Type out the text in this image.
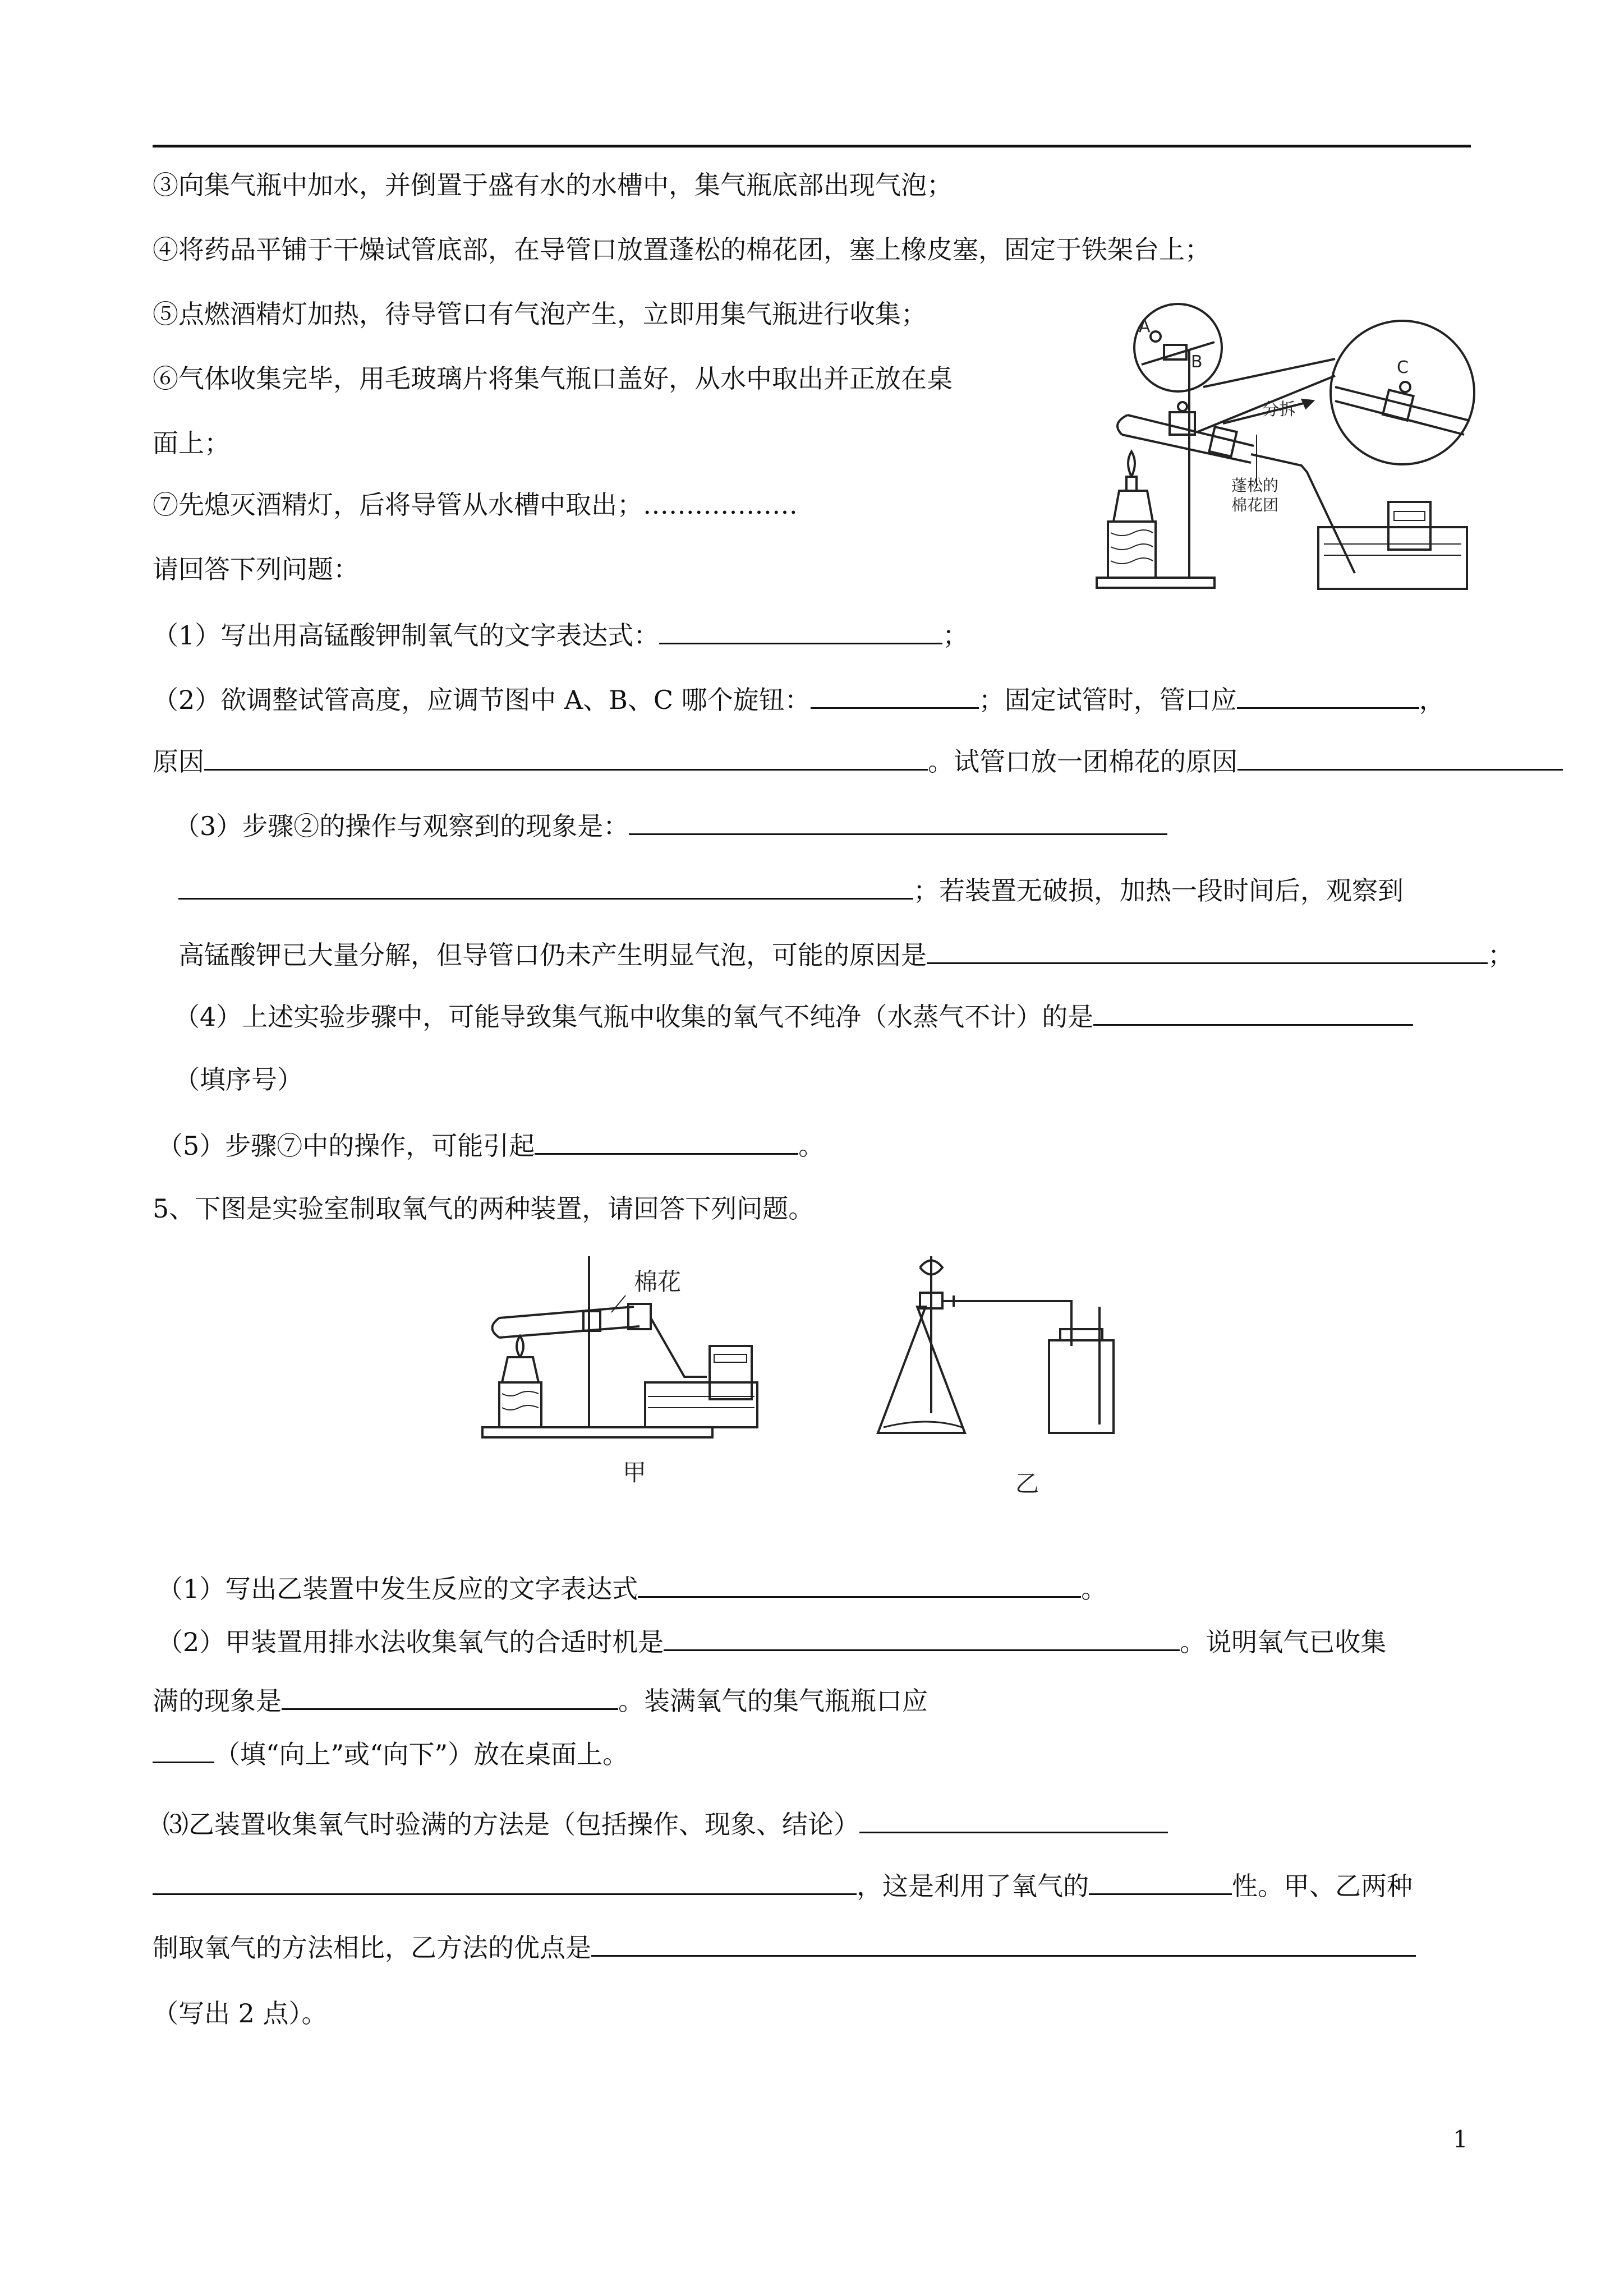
③向集气瓶中加水，并倒置于盛有水的水槽中，集气瓶底部出现气泡；
④将药品平铺于干燥试管底部，在导管口放置蓬松的棉花团，塞上橡皮塞，固定于铁架台上；
⑤点燃酒精灯加热，待导管口有气泡产生，立即用集气瓶进行收集；
⑥气体收集完毕，用毛玻璃片将集气瓶口盖好，从水中取出并正放在桌
面上；
⑦先熄灭酒精灯，后将导管从水槽中取出；………………
请回答下列问题：
A
B	C
分拆
蓬松的
棉花团
（1）写出用高锰酸钾制氧气的文字表达式：	；
（2）欲调整试管高度，应调节图中 A、B、C 哪个旋钮：	；固定试管时，管口应	，
原因	。试管口放一团棉花的原因
（3）步骤②的操作与观察到的现象是：
；若装置无破损，加热一段时间后，观察到
高锰酸钾已大量分解，但导管口仍未产生明显气泡，可能的原因是	；
（4）上述实验步骤中，可能导致集气瓶中收集的氧气不纯净（水蒸气不计）的是
（填序号）
（5）步骤⑦中的操作，可能引起	。
5、下图是实验室制取氧气的两种装置，请回答下列问题。
棉花
甲	乙
（1）写出乙装置中发生反应的文字表达式	。
（2）甲装置用排水法收集氧气的合适时机是	。说明氧气已收集
满的现象是	。装满氧气的集气瓶瓶口应
（填“向上”或“向下”）放在桌面上。
⑶乙装置收集氧气时验满的方法是（包括操作、现象、结论）
，这是利用了氧气的	性。甲、乙两种
制取氧气的方法相比，乙方法的优点是
（写出 2 点）。
1
